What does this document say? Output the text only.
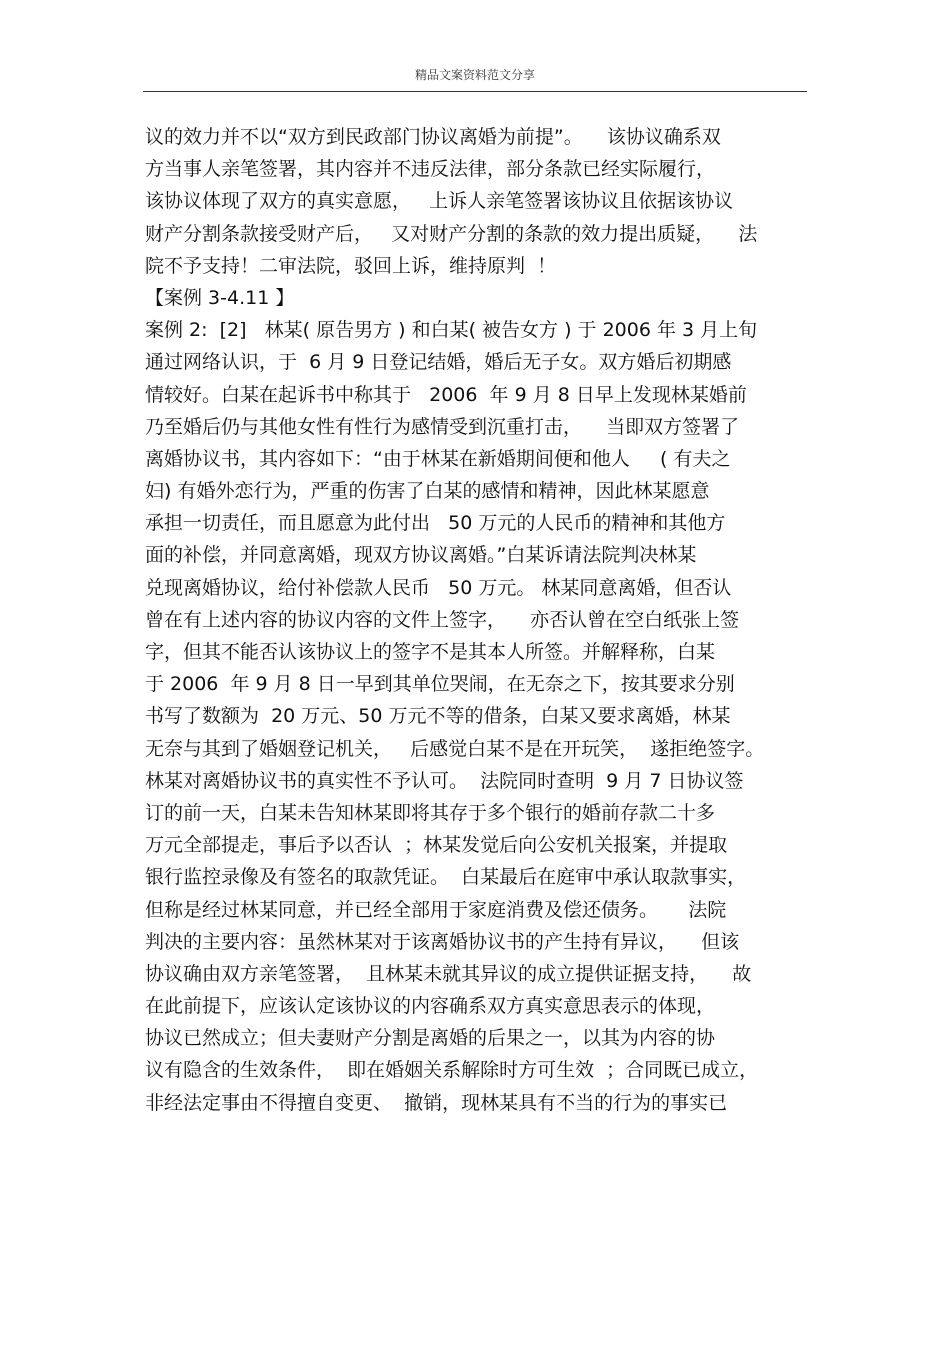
精品文案资料范文分享
议的效力并不以“双方到民政部门协议离婚为前提”。    该协议确系双
方当事人亲笔签署，其内容并不违反法律，部分条款已经实际履行，
该协议体现了双方的真实意愿，   上诉人亲笔签署该协议且依据该协议
财产分割条款接受财产后，   又对财产分割的条款的效力提出质疑，    法
院不予支持！二审法院，驳回上诉，维持原判  ！
【案例 3-4.11 】
案例 2:  [2]   林某( 原告男方 ) 和白某( 被告女方 ) 于 2006 年 3 月上旬
通过网络认识，于  6 月 9 日登记结婚，婚后无子女。双方婚后初期感
情较好。白某在起诉书中称其于   2006  年 9 月 8 日早上发现林某婚前
乃至婚后仍与其他女性有性行为感情受到沉重打击，    当即双方签署了
离婚协议书，其内容如下：“由于林某在新婚期间便和他人     ( 有夫之
妇) 有婚外恋行为，严重的伤害了白某的感情和精神，因此林某愿意
承担一切责任，而且愿意为此付出   50 万元的人民币的精神和其他方
面的补偿，并同意离婚，现双方协议离婚。”白某诉请法院判决林某
兑现离婚协议，给付补偿款人民币   50 万元。 林某同意离婚，但否认
曾在有上述内容的协议内容的文件上签字，    亦否认曾在空白纸张上签
字，但其不能否认该协议上的签字不是其本人所签。并解释称，白某
于 2006  年 9 月 8 日一早到其单位哭闹，在无奈之下，按其要求分别
书写了数额为  20 万元、50 万元不等的借条，白某又要求离婚，林某
无奈与其到了婚姻登记机关，   后感觉白某不是在开玩笑，  遂拒绝签字。
林某对离婚协议书的真实性不予认可。  法院同时查明  9 月 7 日协议签
订的前一天，白某未告知林某即将其存于多个银行的婚前存款二十多
万元全部提走，事后予以否认  ；林某发觉后向公安机关报案，并提取
银行监控录像及有签名的取款凭证。  白某最后在庭审中承认取款事实，
但称是经过林某同意，并已经全部用于家庭消费及偿还债务。     法院
判决的主要内容：虽然林某对于该离婚协议书的产生持有异议，    但该
协议确由双方亲笔签署，  且林某未就其异议的成立提供证据支持，    故
在此前提下，应该认定该协议的内容确系双方真实意思表示的体现，
协议已然成立；但夫妻财产分割是离婚的后果之一，以其为内容的协
议有隐含的生效条件，  即在婚姻关系解除时方可生效  ；合同既已成立，
非经法定事由不得擅自变更、  撤销，现林某具有不当的行为的事实已
